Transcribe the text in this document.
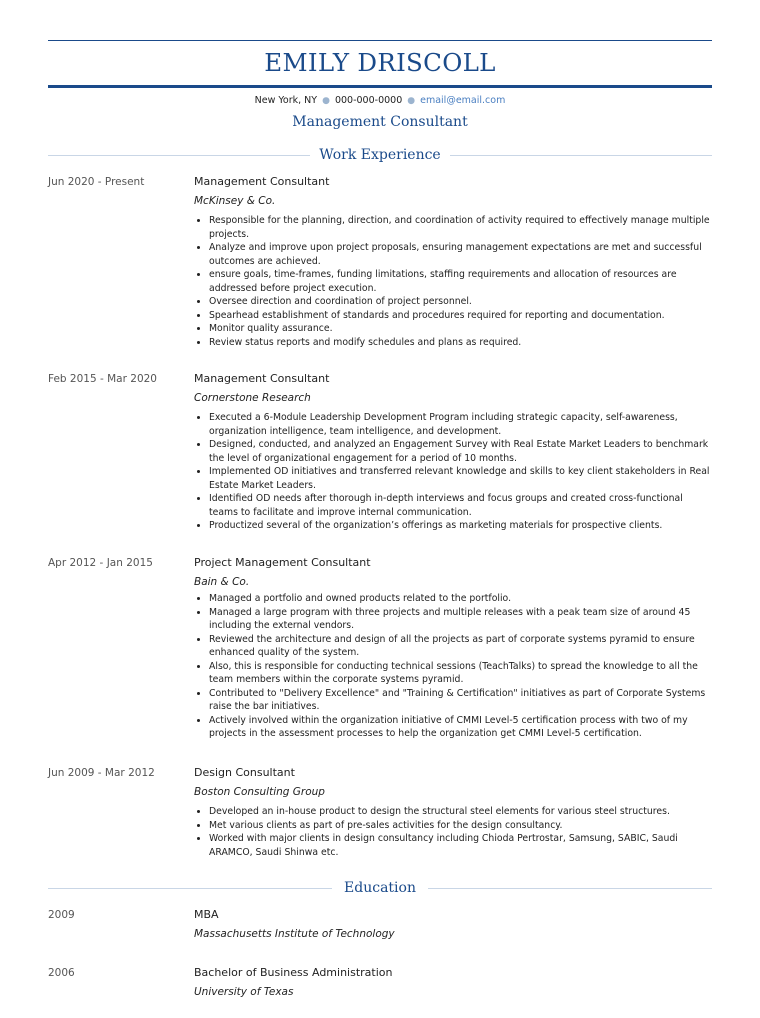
EMILY DRISCOLL
New York, NY ● 000-000-0000 ● email@email.com
Management Consultant
Work Experience
Jun 2020 - Present	Management Consultant
McKinsey & Co.
• Responsible for the planning, direction, and coordination of activity required to effectively manage multiple projects.
• Analyze and improve upon project proposals, ensuring management expectations are met and successful outcomes are achieved.
• ensure goals, time-frames, funding limitations, staffing requirements and allocation of resources are addressed before project execution.
• Oversee direction and coordination of project personnel.
• Spearhead establishment of standards and procedures required for reporting and documentation.
• Monitor quality assurance.
• Review status reports and modify schedules and plans as required.
Feb 2015 - Mar 2020	Management Consultant
Cornerstone Research
• Executed a 6-Module Leadership Development Program including strategic capacity, self-awareness, organization intelligence, team intelligence, and development.
• Designed, conducted, and analyzed an Engagement Survey with Real Estate Market Leaders to benchmark the level of organizational engagement for a period of 10 months.
• Implemented OD initiatives and transferred relevant knowledge and skills to key client stakeholders in Real Estate Market Leaders.
• Identified OD needs after thorough in-depth interviews and focus groups and created cross-functional teams to facilitate and improve internal communication.
• Productized several of the organization’s offerings as marketing materials for prospective clients.
Apr 2012 - Jan 2015	Project Management Consultant
Bain & Co.
• Managed a portfolio and owned products related to the portfolio.
• Managed a large program with three projects and multiple releases with a peak team size of around 45 including the external vendors.
• Reviewed the architecture and design of all the projects as part of corporate systems pyramid to ensure enhanced quality of the system.
• Also, this is responsible for conducting technical sessions (TeachTalks) to spread the knowledge to all the team members within the corporate systems pyramid.
• Contributed to "Delivery Excellence" and "Training & Certification" initiatives as part of Corporate Systems raise the bar initiatives.
• Actively involved within the organization initiative of CMMI Level-5 certification process with two of my projects in the assessment processes to help the organization get CMMI Level-5 certification.
Jun 2009 - Mar 2012	Design Consultant
Boston Consulting Group
• Developed an in-house product to design the structural steel elements for various steel structures.
• Met various clients as part of pre-sales activities for the design consultancy.
• Worked with major clients in design consultancy including Chioda Pertrostar, Samsung, SABIC, Saudi ARAMCO, Saudi Shinwa etc.
Education
2009	MBA
Massachusetts Institute of Technology
2006	Bachelor of Business Administration
University of Texas
